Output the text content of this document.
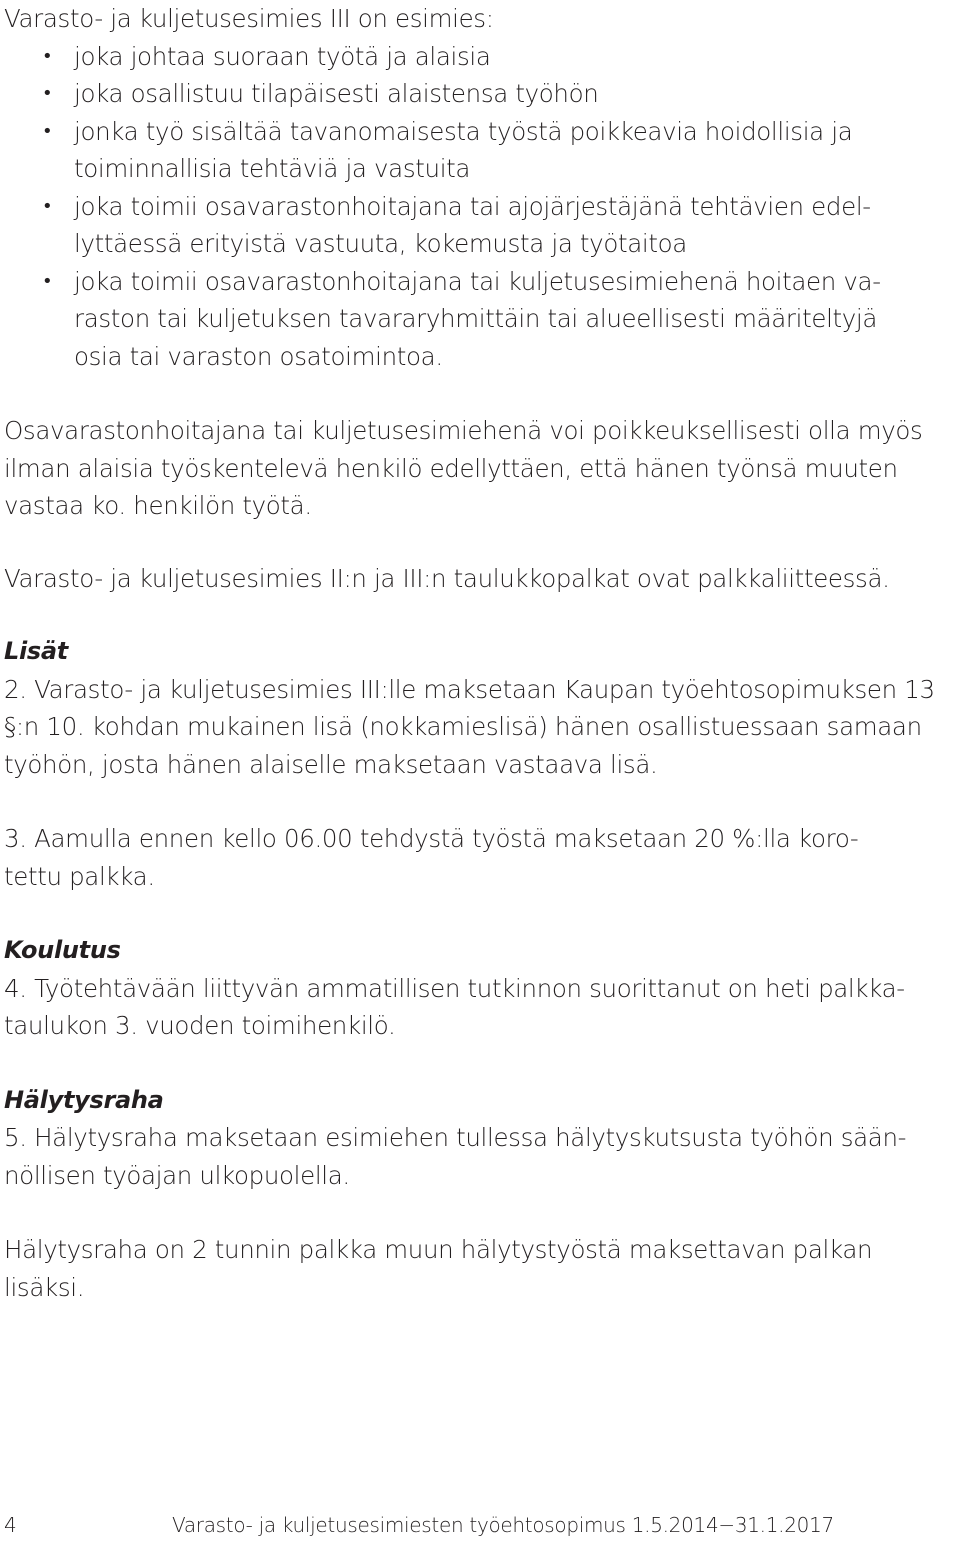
Varasto- ja kuljetusesimies III on esimies:
• joka johtaa suoraan työtä ja alaisia
• joka osallistuu tilapäisesti alaistensa työhön
• jonka työ sisältää tavanomaisesta työstä poikkeavia hoidollisia ja
toiminnallisia tehtäviä ja vastuita
• joka toimii osavarastonhoitajana tai ajojärjestäjänä tehtävien edel-
lyttäessä erityistä vastuuta, kokemusta ja työtaitoa
• joka toimii osavarastonhoitajana tai kuljetusesimiehenä hoitaen va-
raston tai kuljetuksen tavararyhmittäin tai alueellisesti määriteltyjä
osia tai varaston osatoimintoa.
Osavarastonhoitajana tai kuljetusesimiehenä voi poikkeuksellisesti olla myös
ilman alaisia työskentelevä henkilö edellyttäen, että hänen työnsä muuten
vastaa ko. henkilön työtä.
Varasto- ja kuljetusesimies II:n ja III:n taulukkopalkat ovat palkkaliitteessä.
Lisät
2. Varasto- ja kuljetusesimies III:lle maksetaan Kaupan työehtosopimuksen 13
§:n 10. kohdan mukainen lisä (nokkamieslisä) hänen osallistuessaan samaan
työhön, josta hänen alaiselle maksetaan vastaava lisä.
3. Aamulla ennen kello 06.00 tehdystä työstä maksetaan 20 %:lla koro-
tettu palkka.
Koulutus
4. Työtehtävään liittyvän ammatillisen tutkinnon suorittanut on heti palkka-
taulukon 3. vuoden toimihenkilö.
Hälytysraha
5. Hälytysraha maksetaan esimiehen tullessa hälytyskutsusta työhön sään-
nöllisen työajan ulkopuolella.
Hälytysraha on 2 tunnin palkka muun hälytystyöstä maksettavan palkan
lisäksi.
4	Varasto- ja kuljetusesimiesten työehtosopimus 1.5.2014−31.1.2017
